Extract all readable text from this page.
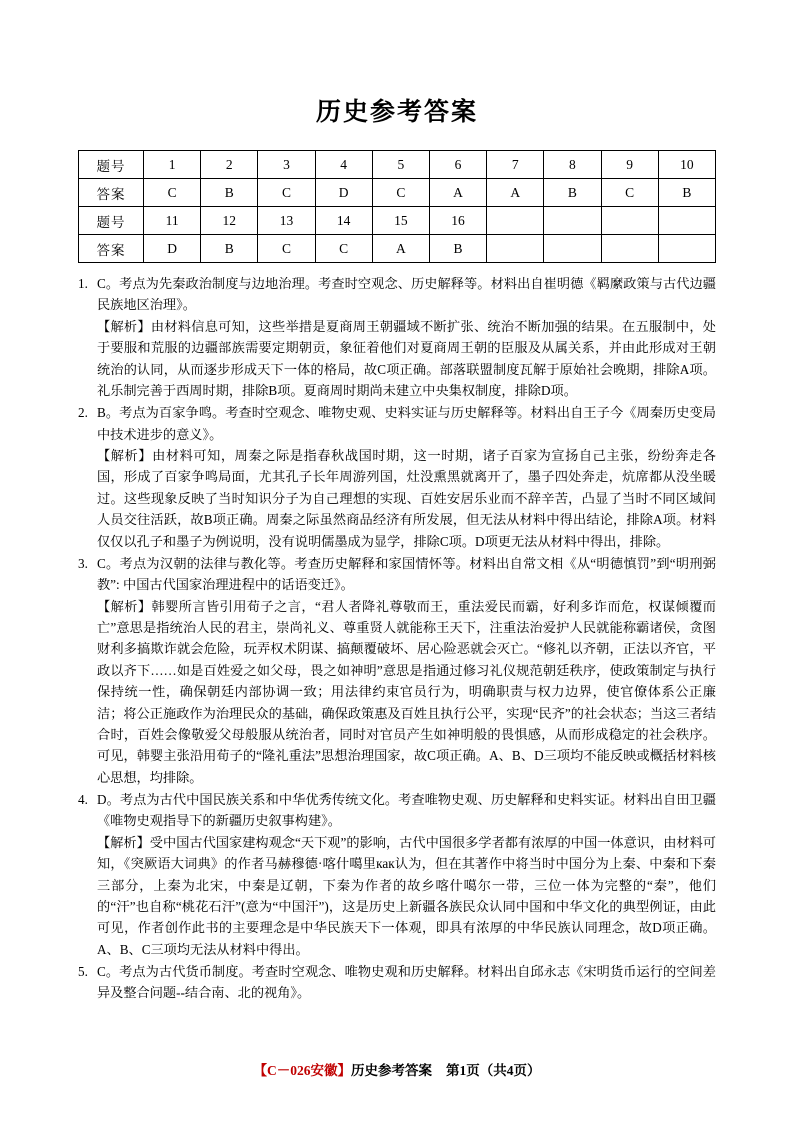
历史参考答案
题号	1	2	3	4	5	6	7	8	9	10
答案	C	B	C	D	C	A	A	B	C	B
题号	11	12	13	14	15	16				
答案	D	B	C	C	A	B				
1. C。考点为先秦政治制度与边地治理。考查时空观念、历史解释等。材料出自崔明德《羁縻政策与古代边疆民族地区治理》。
【解析】由材料信息可知，这些举措是夏商周王朝疆域不断扩张、统治不断加强的结果。在五服制中，处于要服和荒服的边疆部族需要定期朝贡，象征着他们对夏商周王朝的臣服及从属关系，并由此形成对王朝统治的认同，从而逐步形成天下一体的格局，故C项正确。部落联盟制度瓦解于原始社会晚期，排除A项。礼乐制完善于西周时期，排除B项。夏商周时期尚未建立中央集权制度，排除D项。
2. B。考点为百家争鸣。考查时空观念、唯物史观、史料实证与历史解释等。材料出自王子今《周秦历史变局中技术进步的意义》。
【解析】由材料可知，周秦之际是指春秋战国时期，这一时期，诸子百家为宣扬自己主张，纷纷奔走各国，形成了百家争鸣局面，尤其孔子长年周游列国，灶没熏黑就离开了，墨子四处奔走，炕席都从没坐暖过。这些现象反映了当时知识分子为自己理想的实现、百姓安居乐业而不辞辛苦，凸显了当时不同区域间人员交往活跃，故B项正确。周秦之际虽然商品经济有所发展，但无法从材料中得出结论，排除A项。材料仅仅以孔子和墨子为例说明，没有说明儒墨成为显学，排除C项。D项更无法从材料中得出，排除。
3. C。考点为汉朝的法律与教化等。考查历史解释和家国情怀等。材料出自常文相《从“明德慎罚”到“明刑弼教”: 中国古代国家治理进程中的话语变迁》。
【解析】韩婴所言皆引用荀子之言，“君人者降礼尊敬而王，重法爱民而霸，好利多诈而危，权谋倾覆而亡”意思是指统治人民的君主，崇尚礼义、尊重贤人就能称王天下，注重法治爱护人民就能称霸诸侯，贪图财利多搞欺诈就会危险，玩弄权术阴谋、搞颠覆破坏、居心险恶就会灭亡。“修礼以齐朝，正法以齐官，平政以齐下……如是百姓爱之如父母，畏之如神明”意思是指通过修习礼仪规范朝廷秩序，使政策制定与执行保持统一性，确保朝廷内部协调一致；用法律约束官员行为，明确职责与权力边界，使官僚体系公正廉洁；将公正施政作为治理民众的基础，确保政策惠及百姓且执行公平，实现“民齐”的社会状态；当这三者结合时，百姓会像敬爱父母般服从统治者，同时对官员产生如神明般的畏惧感，从而形成稳定的社会秩序。可见，韩婴主张沿用荀子的“隆礼重法”思想治理国家，故C项正确。A、B、D三项均不能反映或概括材料核心思想，均排除。
4. D。考点为古代中国民族关系和中华优秀传统文化。考查唯物史观、历史解释和史料实证。材料出自田卫疆《唯物史观指导下的新疆历史叙事构建》。
【解析】受中国古代国家建构观念“天下观”的影响，古代中国很多学者都有浓厚的中国一体意识，由材料可知，《突厥语大词典》的作者马赫穆德·喀什噶里как认为，但在其著作中将当时中国分为上秦、中秦和下秦三部分，上秦为北宋，中秦是辽朝，下秦为作者的故乡喀什噶尔一带，三位一体为完整的“秦”，他们的“汗”也自称“桃花石汗”(意为“中国汗”)，这是历史上新疆各族民众认同中国和中华文化的典型例证，由此可见，作者创作此书的主要理念是中华民族天下一体观，即具有浓厚的中华民族认同理念，故D项正确。A、B、C三项均无法从材料中得出。
5. C。考点为古代货币制度。考查时空观念、唯物史观和历史解释。材料出自邱永志《宋明货币运行的空间差异及整合问题--结合南、北的视角》。
【C－026安徽】历史参考答案 第1页（共4页）
